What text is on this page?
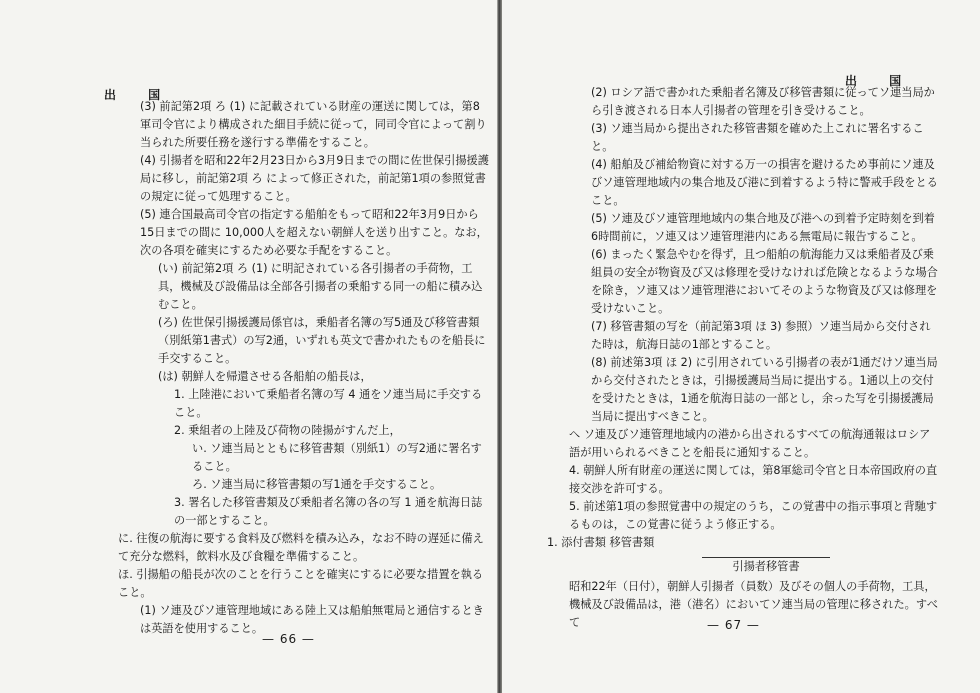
出 国

(3) 前記第2項 ろ (1) に記載されている財産の運送に関しては，第8軍司令官により構成された細目手続に従って，同司令官によって割り当られた所要任務を遂行する準備をすること。

(4) 引揚者を昭和22年2月23日から3月9日までの間に佐世保引揚援護局に移し，前記第2項 ろ によって修正された，前記第1項の参照覚書の規定に従って処理すること。

(5) 連合国最高司令官の指定する船舶をもって昭和22年3月9日から15日までの間に 10,000人を超えない朝鮮人を送り出すこと。なお，次の各項を確実にするため必要な手配をすること。

(い) 前記第2項 ろ (1) に明記されている各引揚者の手荷物，工具，機械及び設備品は全部各引揚者の乗船する同一の船に積み込むこと。

(ろ) 佐世保引揚援護局係官は，乗船者名簿の写5通及び移管書類（別紙第1書式）の写2通，いずれも英文で書かれたものを船長に手交すること。

(は) 朝鮮人を帰還させる各船舶の船長は，

1. 上陸港において乗船者名簿の写 4 通をソ連当局に手交すること。

2. 乗組者の上陸及び荷物の陸揚がすんだ上，

い. ソ連当局とともに移管書類（別紙1）の写2通に署名すること。

ろ. ソ連当局に移管書類の写1通を手交すること。

3. 署名した移管書類及び乗船者名簿の各の写 1 通を航海日誌の一部とすること。

に. 往復の航海に要する食料及び燃料を積み込み，なお不時の遅延に備えて充分な燃料，飲料水及び食糧を準備すること。

ほ. 引揚船の船長が次のことを行うことを確実にするに必要な措置を執ること。

(1) ソ連及びソ連管理地域にある陸上又は船舶無電局と通信するときは英語を使用すること。

— 66 —
出 国

(2) ロシア語で書かれた乗船者名簿及び移管書類に従ってソ連当局から引き渡される日本人引揚者の管理を引き受けること。

(3) ソ連当局から提出された移管書類を確めた上これに署名すること。

(4) 船舶及び補給物資に対する万一の損害を避けるため事前にソ連及びソ連管理地域内の集合地及び港に到着するよう特に警戒手段をとること。

(5) ソ連及びソ連管理地域内の集合地及び港への到着予定時刻を到着6時間前に，ソ連又はソ連管理港内にある無電局に報告すること。

(6) まったく緊急やむを得ず，且つ船舶の航海能力又は乗船者及び乗組員の安全が物資及び又は修理を受けなければ危険となるような場合を除き，ソ連又はソ連管理港においてそのような物資及び又は修理を受けないこと。

(7) 移管書類の写を（前記第3項 ほ 3) 参照）ソ連当局から交付された時は，航海日誌の1部とすること。

(8) 前述第3項 ほ 2) に引用されている引揚者の表が1通だけソ連当局から交付されたときは，引揚援護局当局に提出する。1通以上の交付を受けたときは，1通を航海日誌の一部とし，余った写を引揚援護局当局に提出すべきこと。

へ ソ連及びソ連管理地域内の港から出されるすべての航海通報はロシア語が用いられるべきことを船長に通知すること。

4. 朝鮮人所有財産の運送に関しては，第8軍総司令官と日本帝国政府の直接交渉を許可する。

5. 前述第1項の参照覚書中の規定のうち，この覚書中の指示事項と背馳するものは，この覚書に従うよう修正する。

1. 添付書類 移管書類

引揚者移管書

昭和22年（日付），朝鮮人引揚者（員数）及びその個人の手荷物，工具，機械及び設備品は，港（港名）においてソ連当局の管理に移された。すべて	— 67 —
